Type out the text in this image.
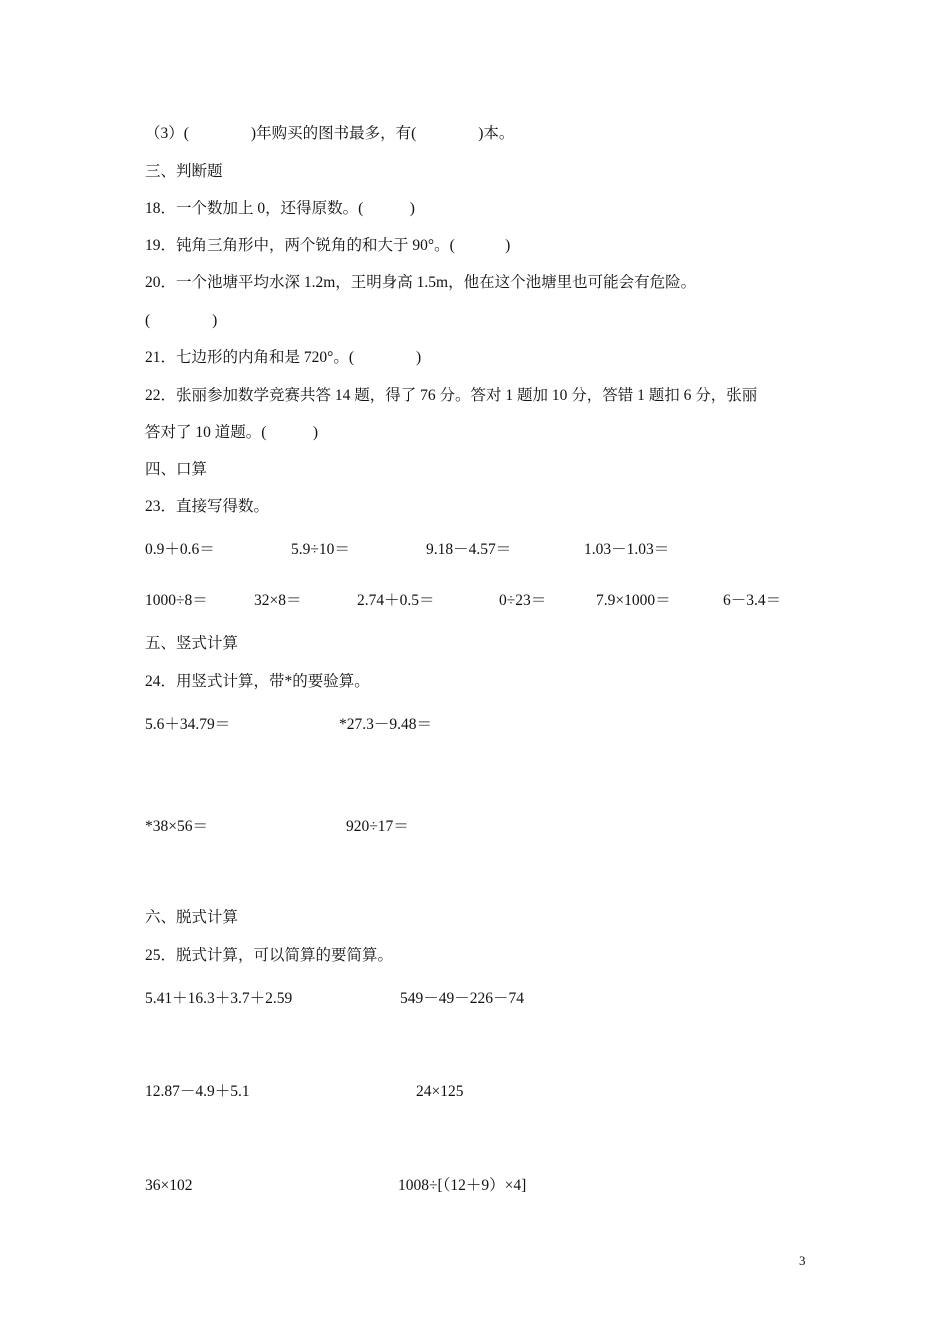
（3）(　　　　)年购买的图书最多，有(　　　　)本。
三、判断题
18．一个数加上 0，还得原数。(　　　)
19．钝角三角形中，两个锐角的和大于 90°。(　　　 )
20．一个池塘平均水深 1.2m，王明身高 1.5m，他在这个池塘里也可能会有危险。
(　　　　)
21．七边形的内角和是 720°。(　　　　)
22．张丽参加数学竞赛共答 14 题，得了 76 分。答对 1 题加 10 分，答错 1 题扣 6 分，张丽
答对了 10 道题。(　　　)
四、口算
23．直接写得数。
0.9＋0.6＝	5.9÷10＝	9.18－4.57＝	1.03－1.03＝
1000÷8＝	32×8＝	2.74＋0.5＝	0÷23＝	7.9×1000＝	6－3.4＝
五、竖式计算
24．用竖式计算，带*的要验算。
5.6＋34.79＝	*27.3－9.48＝
*38×56＝	920÷17＝
六、脱式计算
25．脱式计算，可以简算的要简算。
5.41＋16.3＋3.7＋2.59	549－49－226－74
12.87－4.9＋5.1	24×125
36×102	1008÷[（12＋9）×4]
3
